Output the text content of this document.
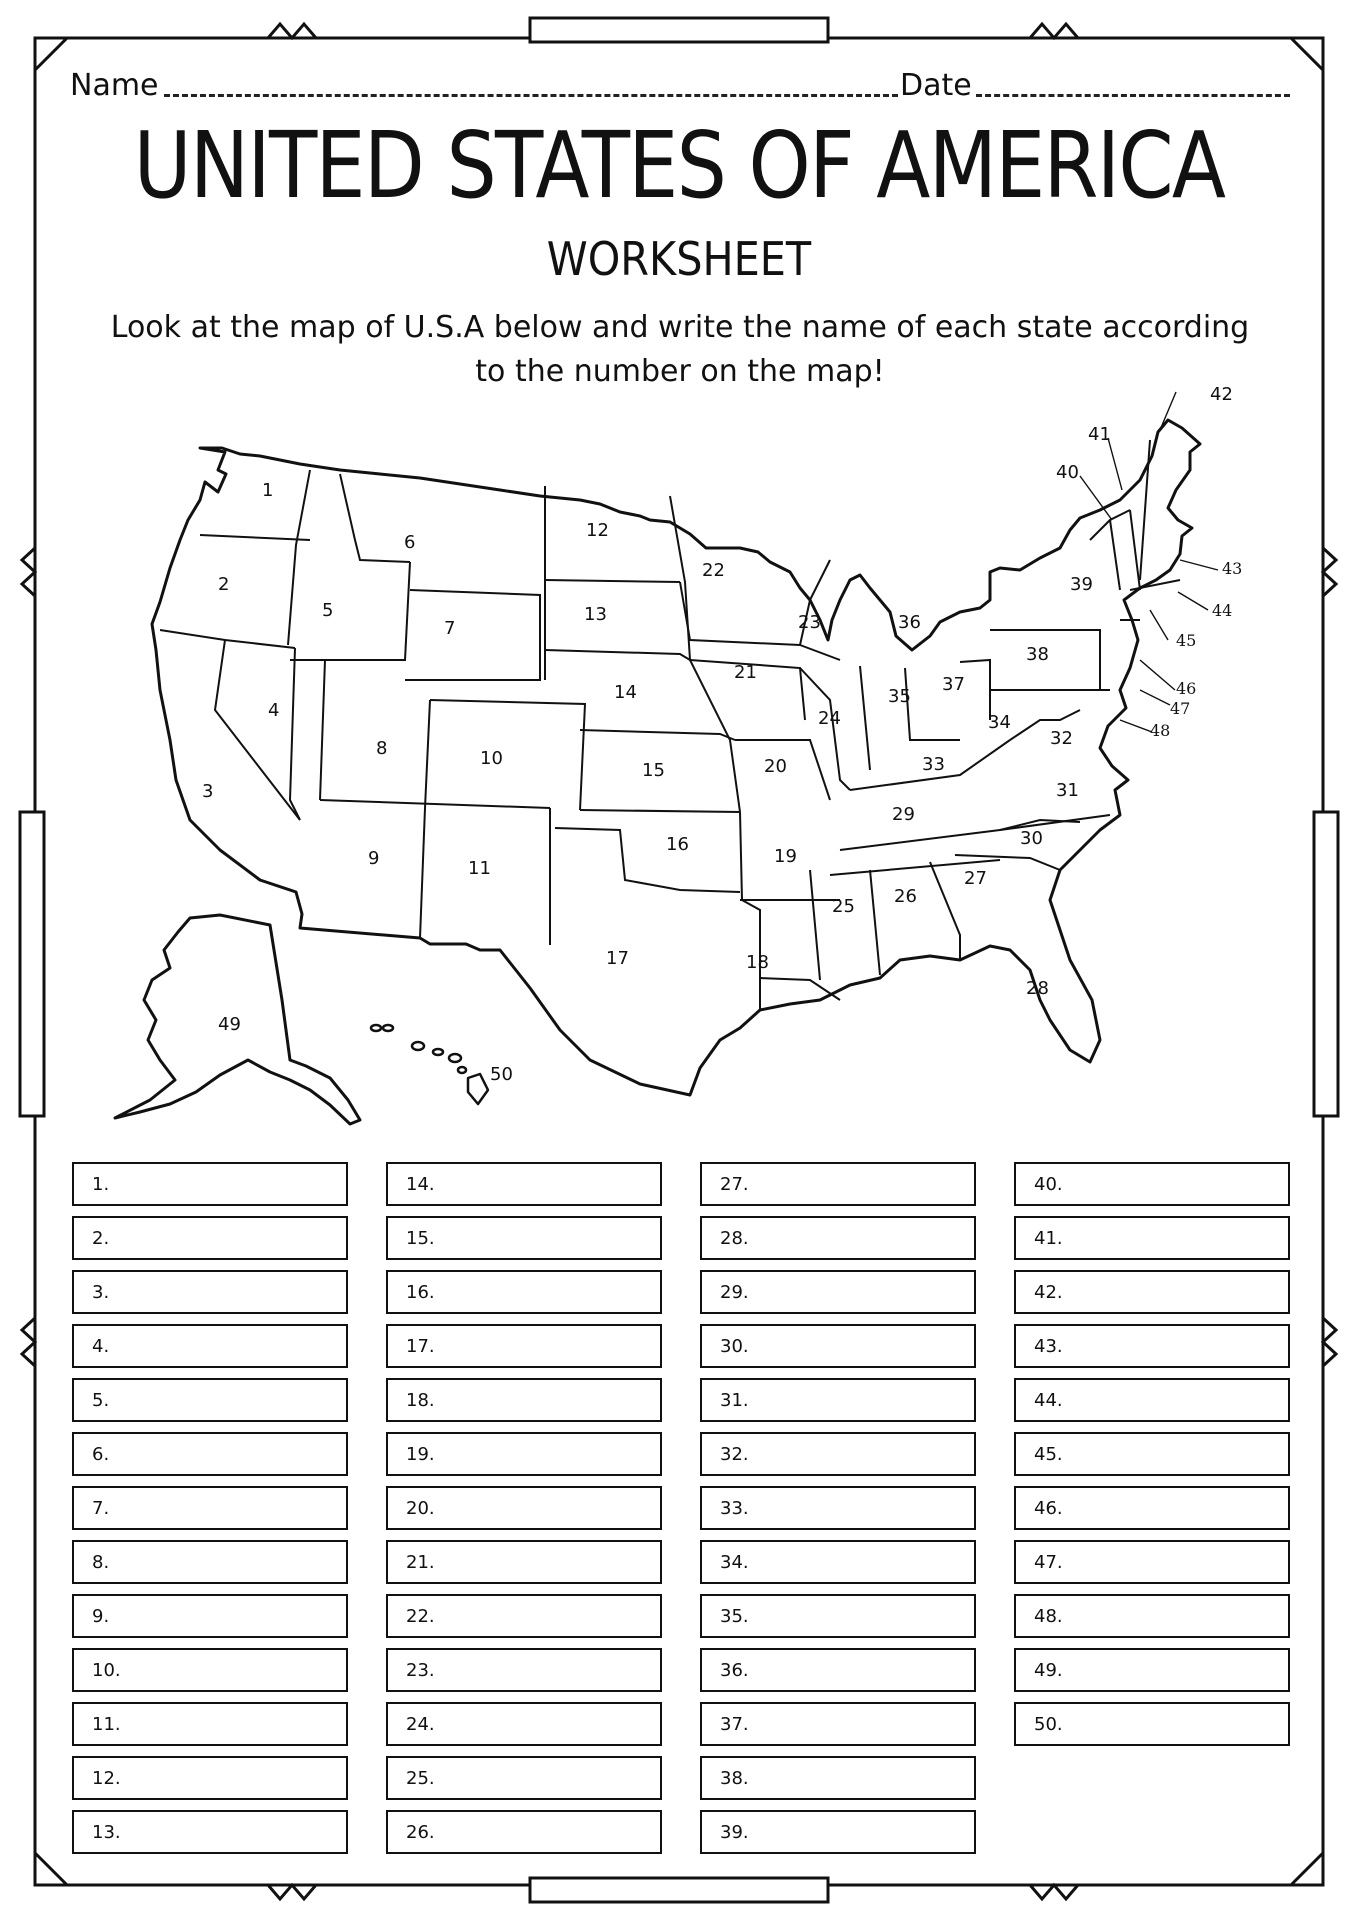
Name	Date
UNITED STATES OF AMERICA
WORKSHEET
Look at the map of U.S.A below and write the name of each state according to the number on the map!
1
2
3
4
5
6
7
8
9
10
11
12
13
14
15
16
17	18
19
20
21
22
23
24
25 26
27
28
29
30
31
32
33
34
35
36
37
38
39
40
41
42
43
44
45
46
47
48
49
50
1.
2.
3.
4.
5.
6.
7.
8.
9.
10.
11.
12.
13.
14.
15.
16.
17.
18.
19.
20.
21.
22.
23.
24.
25.
26.
27.
28.
29.
30.
31.
32.
33.
34.
35.
36.
37.
38.
39.
40.
41.
42.
43.
44.
45.
46.
47.
48.
49.
50.
